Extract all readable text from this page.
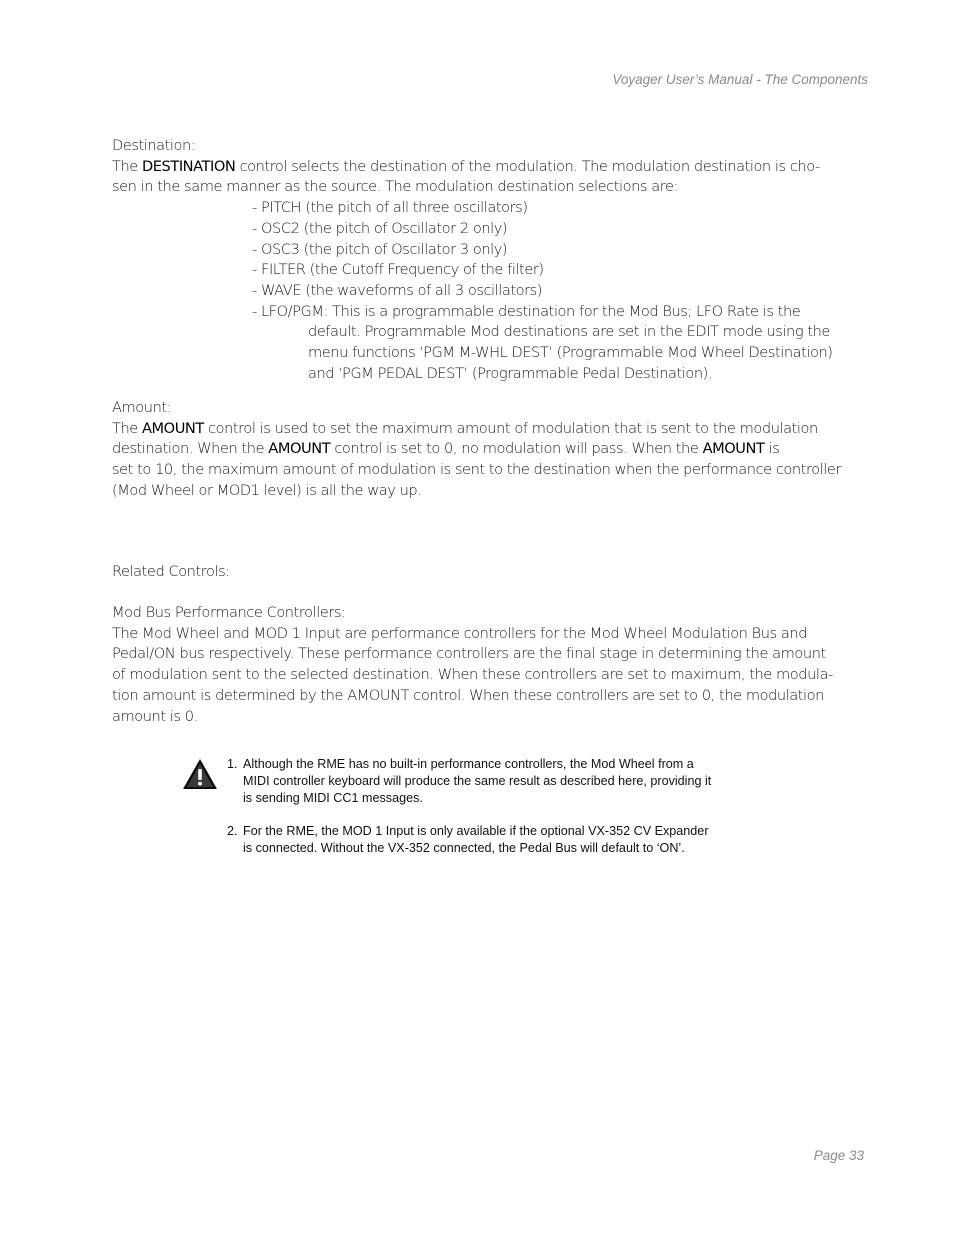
Voyager User’s Manual - The Components

Destination:

The DESTINATION control selects the destination of the modulation. The modulation destination is cho-
sen in the same manner as the source. The modulation destination selections are:

- PITCH (the pitch of all three oscillators)
- OSC2 (the pitch of Oscillator 2 only)
- OSC3 (the pitch of Oscillator 3 only)
- FILTER (the Cutoff Frequency of the filter)
- WAVE (the waveforms of all 3 oscillators)
- LFO/PGM: This is a programmable destination for the Mod Bus; LFO Rate is the
default. Programmable Mod destinations are set in the EDIT mode using the
menu functions ‘PGM M-WHL DEST’ (Programmable Mod Wheel Destination)
and ‘PGM PEDAL DEST’ (Programmable Pedal Destination).

Amount:

The AMOUNT control is used to set the maximum amount of modulation that is sent to the modulation
destination. When the AMOUNT control is set to 0, no modulation will pass. When the AMOUNT is
set to 10, the maximum amount of modulation is sent to the destination when the performance controller
(Mod Wheel or MOD1 level) is all the way up.

Related Controls:

Mod Bus Performance Controllers:

The Mod Wheel and MOD 1 Input are performance controllers for the Mod Wheel Modulation Bus and
Pedal/ON bus respectively. These performance controllers are the final stage in determining the amount
of modulation sent to the selected destination. When these controllers are set to maximum, the modula-
tion amount is determined by the AMOUNT control. When these controllers are set to 0, the modulation
amount is 0.

1. Although the RME has no built-in performance controllers, the Mod Wheel from a
MIDI controller keyboard will produce the same result as described here, providing it
is sending MIDI CC1 messages.
2. For the RME, the MOD 1 Input is only available if the optional VX-352 CV Expander
is connected. Without the VX-352 connected, the Pedal Bus will default to ‘ON’.
Page 33
